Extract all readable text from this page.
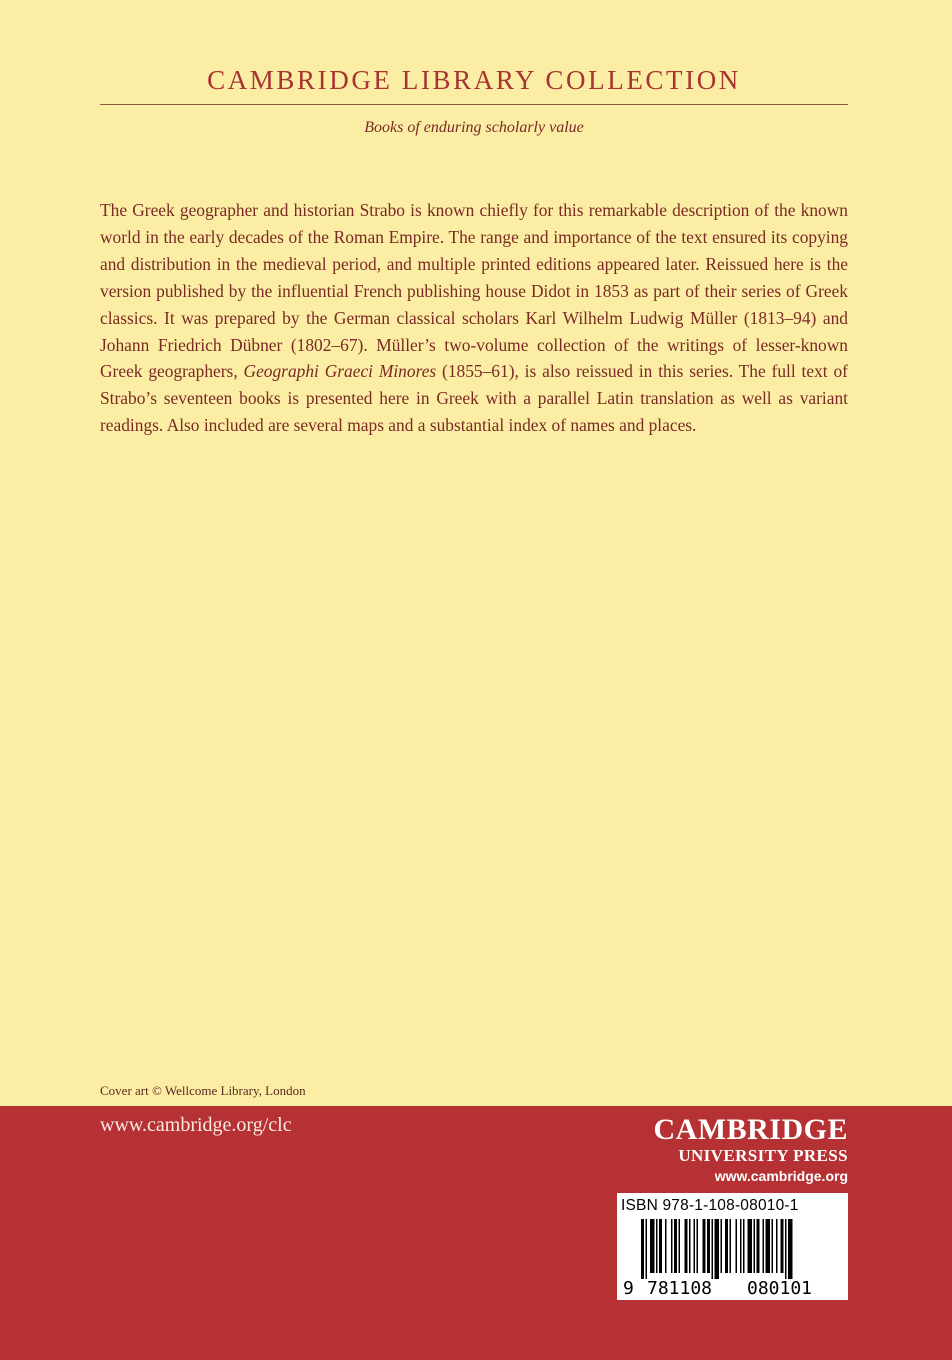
CAMBRIDGE LIBRARY COLLECTION
Books of enduring scholarly value

The Greek geographer and historian Strabo is known chiefly for this remarkable description of the known world in the early decades of the Roman Empire. The range and importance of the text ensured its copying and distribution in the medieval period, and multiple printed editions appeared later. Reissued here is the version published by the influential French publishing house Didot in 1853 as part of their series of Greek classics. It was prepared by the German classical scholars Karl Wilhelm Ludwig Müller (1813–94) and Johann Friedrich Dübner (1802–67). Müller’s two-volume collection of the writings of lesser-known Greek geographers, Geographi Graeci Minores (1855–61), is also reissued in this series. The full text of Strabo’s seventeen books is presented here in Greek with a parallel Latin translation as well as variant readings. Also included are several maps and a substantial index of names and places.

Cover art © Wellcome Library, London
www.cambridge.org/clc	CAMBRIDGE
UNIVERSITY PRESS
www.cambridge.org
ISBN 978-1-108-08010-1
9 781108 080101
